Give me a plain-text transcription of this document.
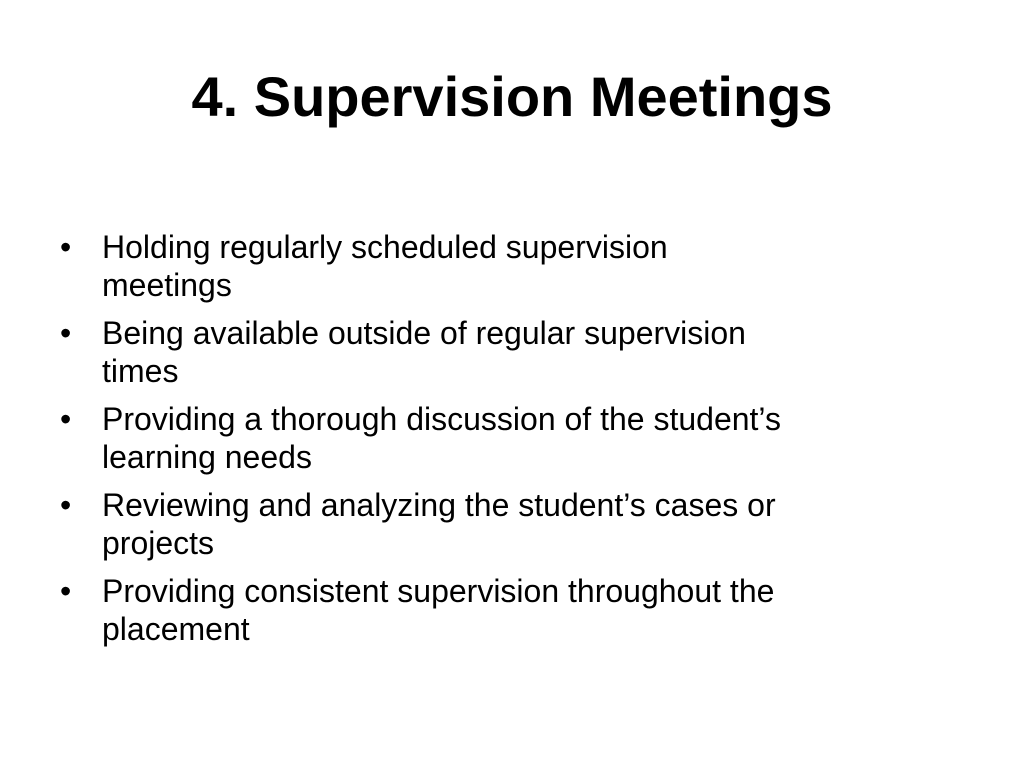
4. Supervision Meetings
• Holding regularly scheduled supervision
meetings
• Being available outside of regular supervision
times
• Providing a thorough discussion of the student’s
learning needs
• Reviewing and analyzing the student’s cases or
projects
• Providing consistent supervision throughout the
placement
